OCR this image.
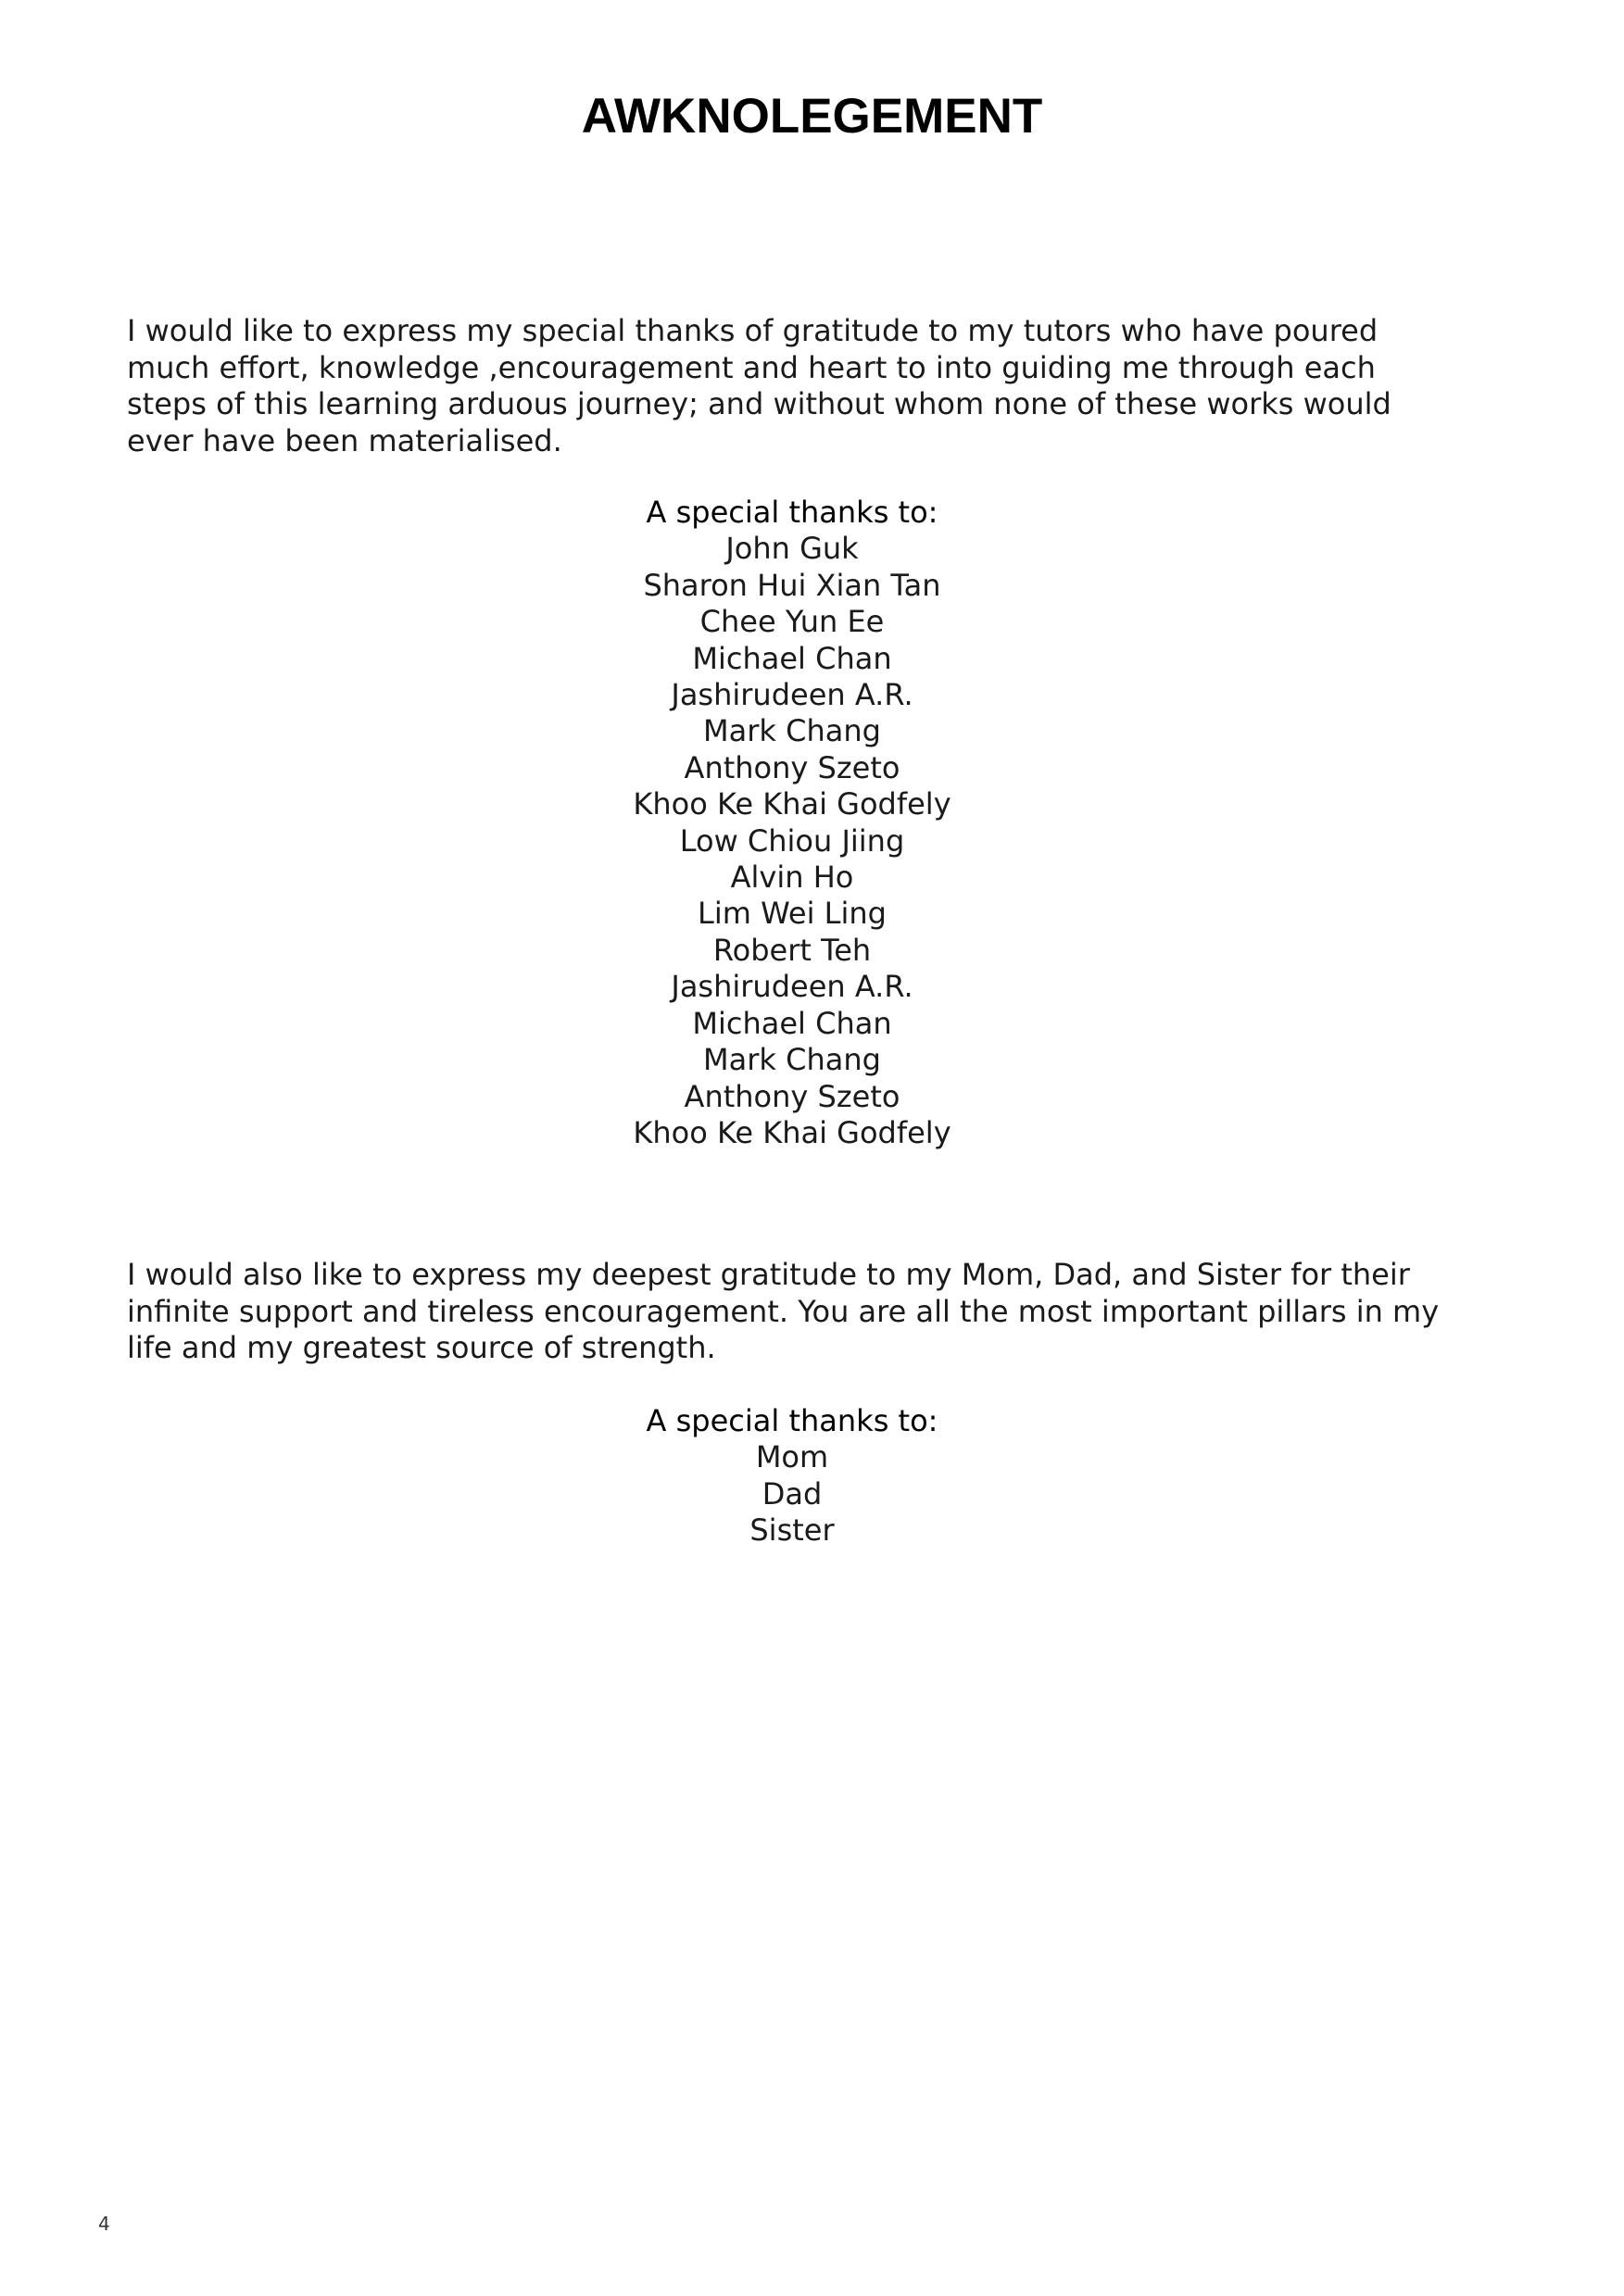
AWKNOLEGEMENT

I would like to express my special thanks of gratitude to my tutors who have poured much effort, knowledge ,encouragement and heart to into guiding me through each steps of this learning arduous journey; and without whom none of these works would ever have been materialised.

A special thanks to:
John Guk
Sharon Hui Xian Tan
Chee Yun Ee
Michael Chan
Jashirudeen A.R.
Mark Chang
Anthony Szeto
Khoo Ke Khai Godfely
Low Chiou Jiing
Alvin Ho
Lim Wei Ling
Robert Teh
Jashirudeen A.R.
Michael Chan
Mark Chang
Anthony Szeto
Khoo Ke Khai Godfely

I would also like to express my deepest gratitude to my Mom, Dad, and Sister for their infinite support and tireless encouragement. You are all the most important pillars in my life and my greatest source of strength.

A special thanks to:
Mom
Dad
Sister
4
